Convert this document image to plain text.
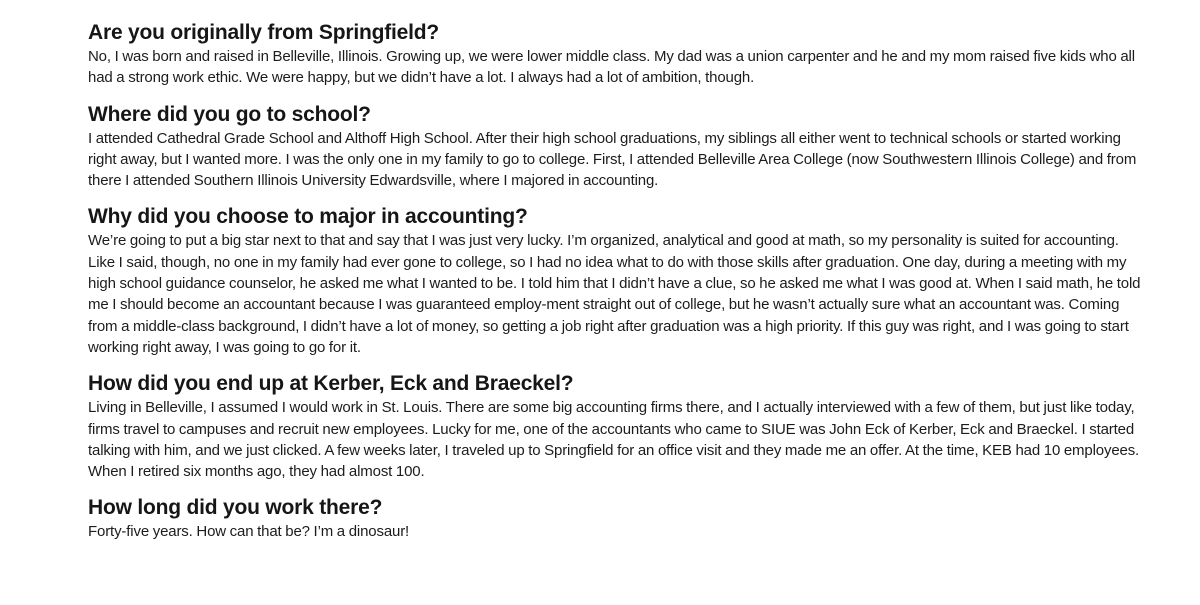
Are you originally from Springfield?

No, I was born and raised in Belleville, Illinois. Growing up, we were lower middle class. My dad was a union carpenter and he and my mom raised five kids who all had a strong work ethic. We were happy, but we didn’t have a lot. I always had a lot of ambition, though.

Where did you go to school?

I attended Cathedral Grade School and Althoff High School. After their high school graduations, my siblings all either went to technical schools or started working right away, but I wanted more. I was the only one in my family to go to college. First, I attended Belleville Area College (now Southwestern Illinois College) and from there I attended Southern Illinois University Edwardsville, where I majored in accounting.

Why did you choose to major in accounting?

We’re going to put a big star next to that and say that I was just very lucky. I’m organized, analytical and good at math, so my personality is suited for accounting. Like I said, though, no one in my family had ever gone to college, so I had no idea what to do with those skills after graduation. One day, during a meeting with my high school guidance counselor, he asked me what I wanted to be. I told him that I didn’t have a clue, so he asked me what I was good at. When I said math, he told me I should become an accountant because I was guaranteed employ-ment straight out of college, but he wasn’t actually sure what an accountant was. Coming from a middle-class background, I didn’t have a lot of money, so getting a job right after graduation was a high priority. If this guy was right, and I was going to start working right away, I was going to go for it.

How did you end up at Kerber, Eck and Braeckel?

Living in Belleville, I assumed I would work in St. Louis. There are some big accounting firms there, and I actually interviewed with a few of them, but just like today, firms travel to campuses and recruit new employees. Lucky for me, one of the accountants who came to SIUE was John Eck of Kerber, Eck and Braeckel. I started talking with him, and we just clicked. A few weeks later, I traveled up to Springfield for an office visit and they made me an offer. At the time, KEB had 10 employees. When I retired six months ago, they had almost 100.

How long did you work there?

Forty-five years. How can that be? I’m a dinosaur!
